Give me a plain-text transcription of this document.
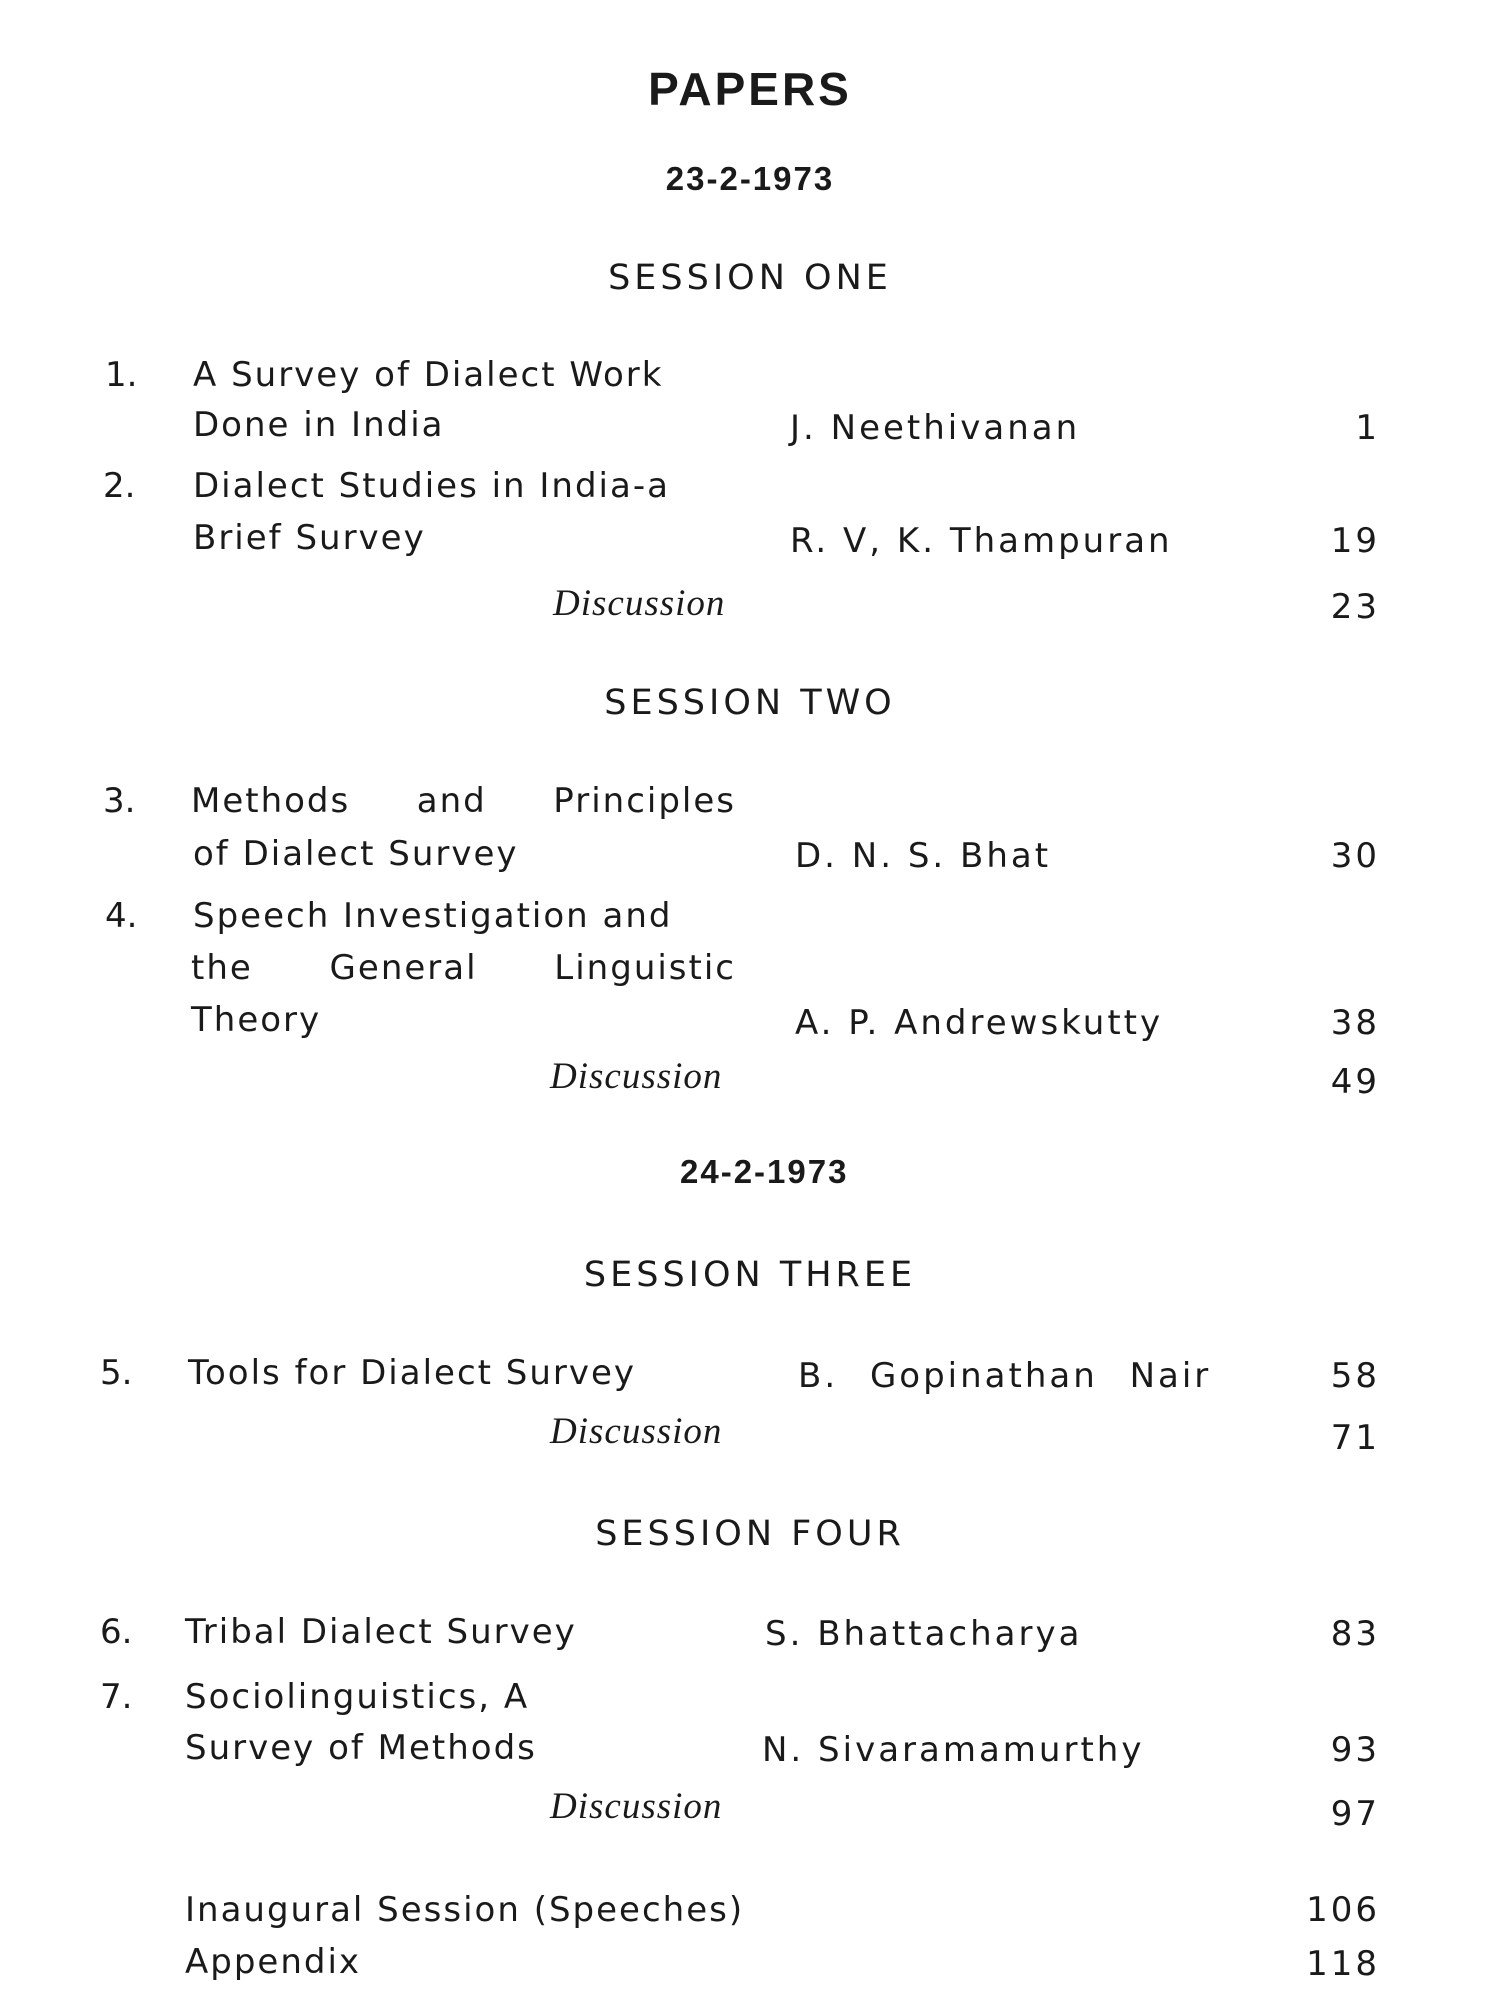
PAPERS
23-2-1973
SESSION ONE
1. A Survey of Dialect Work
Done in India	J. Neethivanan	1
2. Dialect Studies in India-a
Brief Survey	R. V, K. Thampuran	19
Discussion	23
SESSION TWO
3. Methods and Principles
of Dialect Survey	D. N. S. Bhat	30
4. Speech Investigation and
the General Linguistic
Theory	A. P. Andrewskutty	38
Discussion	49
24-2-1973
SESSION THREE
5. Tools for Dialect Survey	B. Gopinathan Nair	58
Discussion	71
SESSION FOUR
6. Tribal Dialect Survey	S. Bhattacharya	83
7. Sociolinguistics, A
Survey of Methods	N. Sivaramamurthy	93
Discussion	97
Inaugural Session (Speeches)	106
Appendix	118
